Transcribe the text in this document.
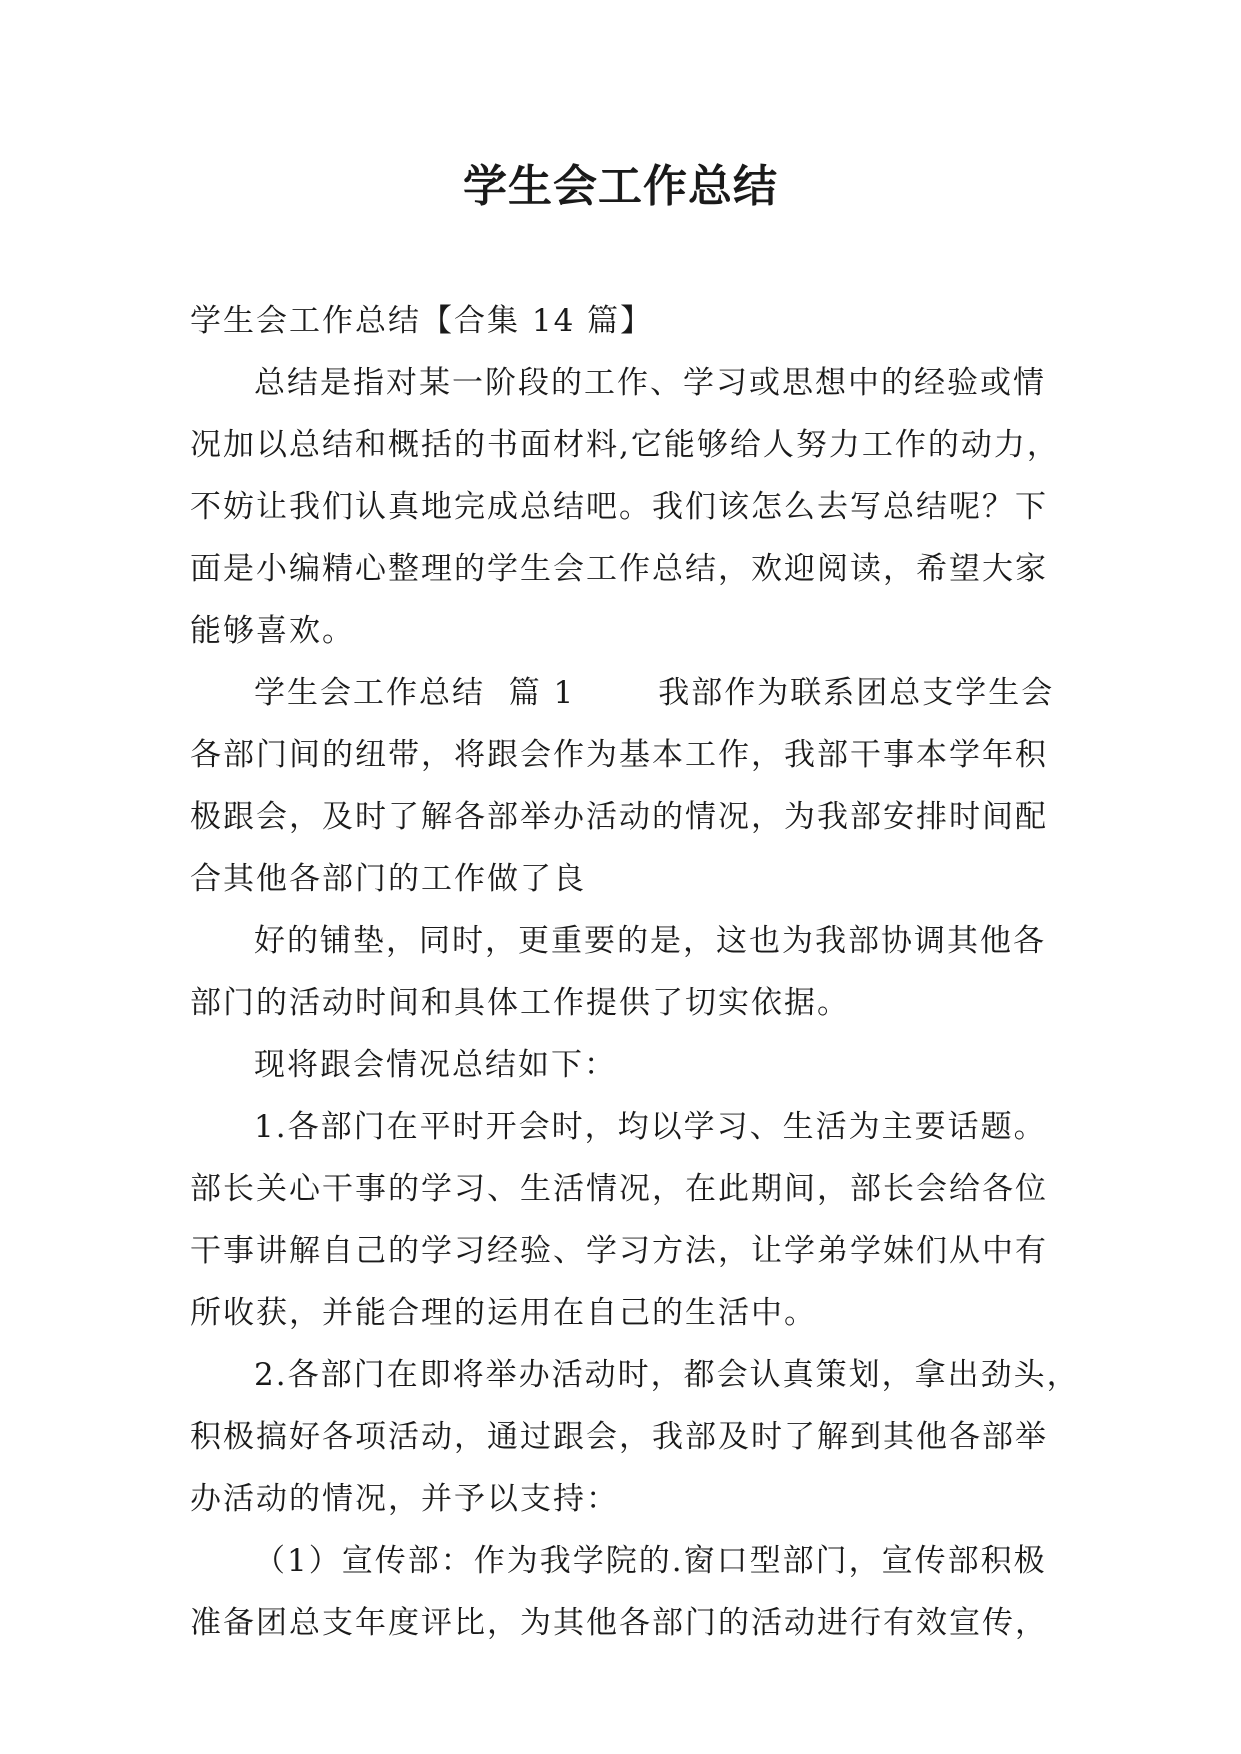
学生会工作总结
学生会工作总结【合集 14 篇】
总结是指对某一阶段的工作、学习或思想中的经验或情
况加以总结和概括的书面材料,它能够给人努力工作的动力，
不妨让我们认真地完成总结吧。我们该怎么去写总结呢？下
面是小编精心整理的学生会工作总结，欢迎阅读，希望大家
能够喜欢。
学生会工作总结  篇 1       我部作为联系团总支学生会
各部门间的纽带，将跟会作为基本工作，我部干事本学年积
极跟会，及时了解各部举办活动的情况，为我部安排时间配
合其他各部门的工作做了良
好的铺垫，同时，更重要的是，这也为我部协调其他各
部门的活动时间和具体工作提供了切实依据。
现将跟会情况总结如下：
1.各部门在平时开会时，均以学习、生活为主要话题。
部长关心干事的学习、生活情况，在此期间，部长会给各位
干事讲解自己的学习经验、学习方法，让学弟学妹们从中有
所收获，并能合理的运用在自己的生活中。
2.各部门在即将举办活动时，都会认真策划，拿出劲头，
积极搞好各项活动，通过跟会，我部及时了解到其他各部举
办活动的情况，并予以支持：
（1）宣传部：作为我学院的.窗口型部门，宣传部积极
准备团总支年度评比，为其他各部门的活动进行有效宣传，
